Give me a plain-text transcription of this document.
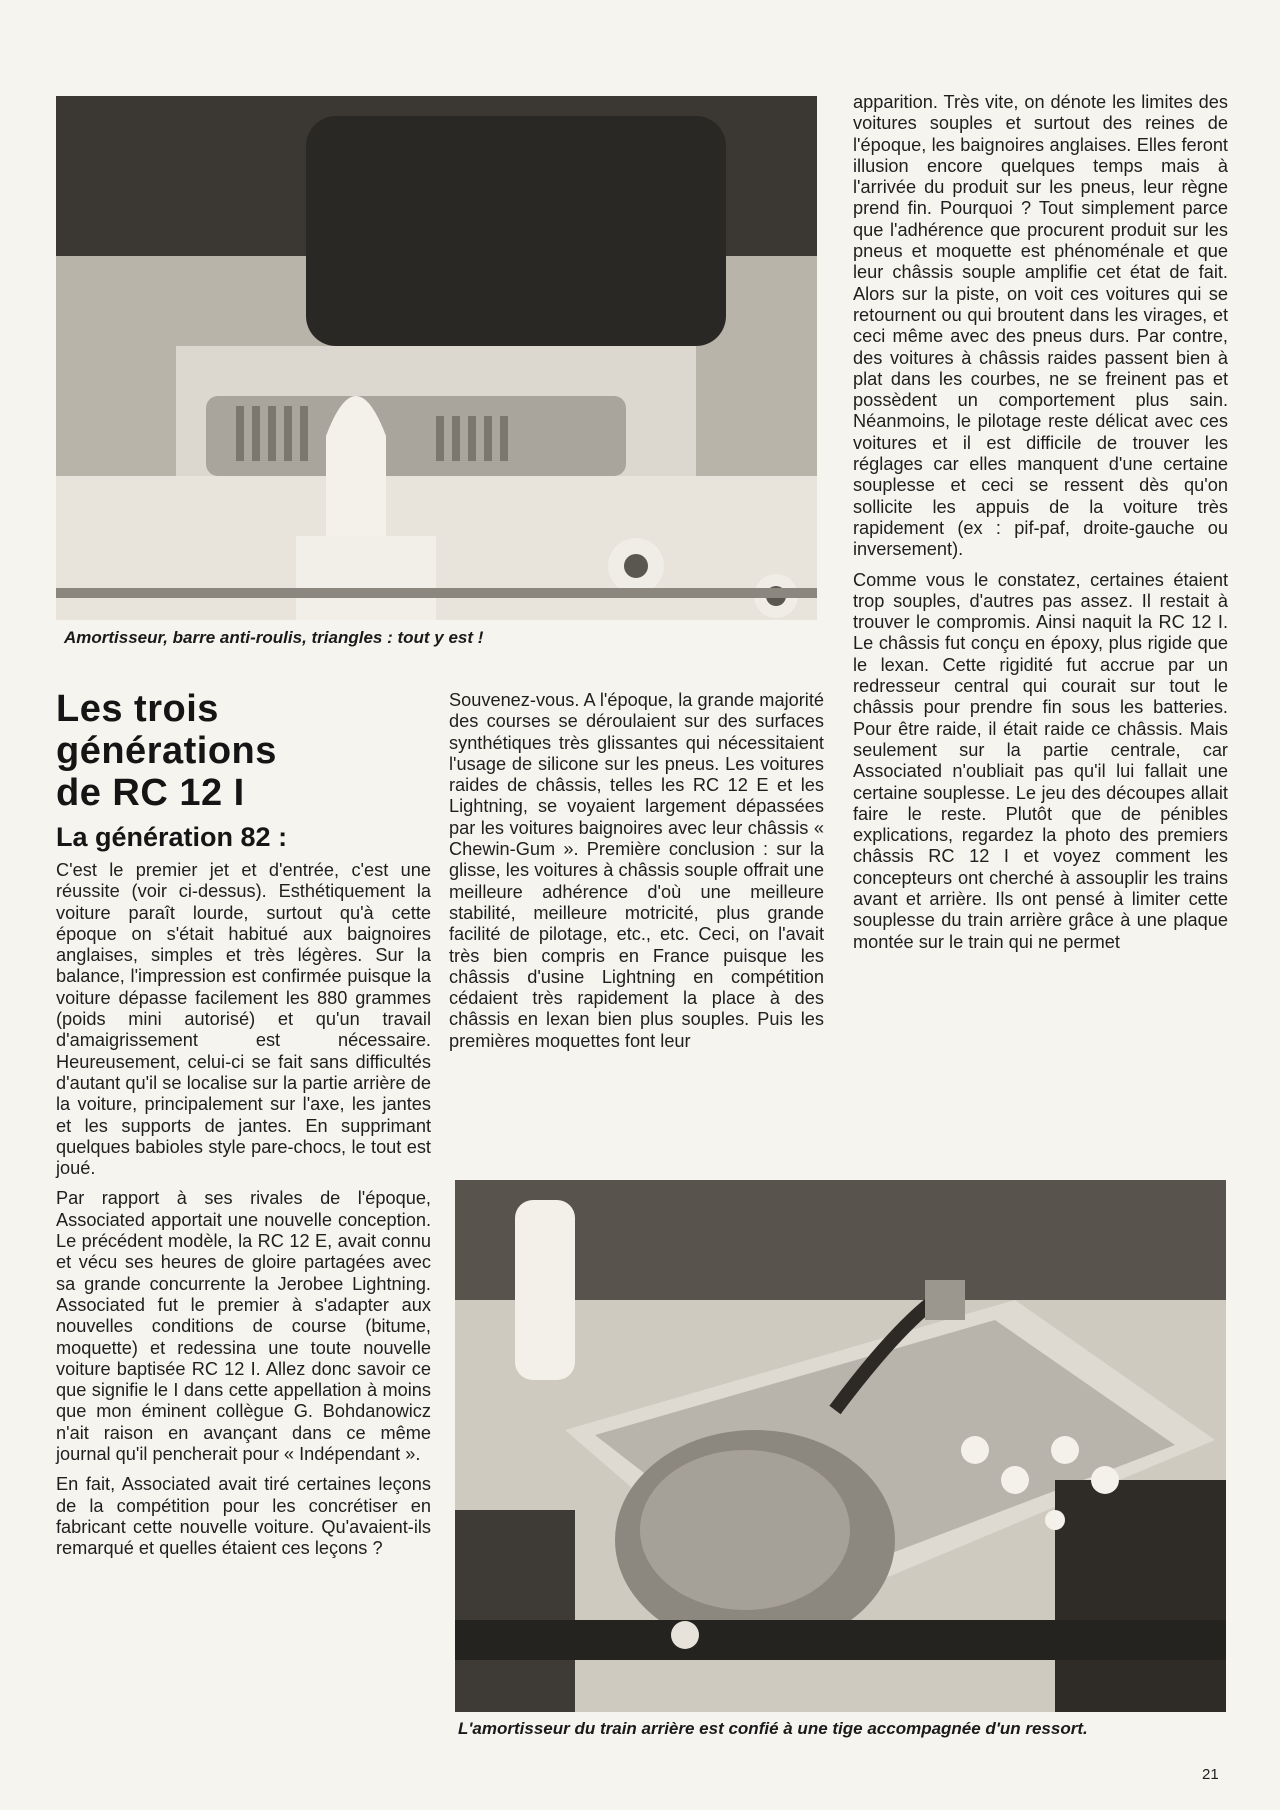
Amortisseur, barre anti-roulis, triangles : tout y est !

Les trois
générations
de RC 12 I
La génération 82 :

C'est le premier jet et d'entrée, c'est une réussite (voir ci-dessus). Esthétiquement la voiture paraît lourde, surtout qu'à cette époque on s'était habitué aux baignoires anglaises, simples et très légères. Sur la balance, l'impression est confirmée puisque la voiture dépasse facilement les 880 grammes (poids mini autorisé) et qu'un travail d'amaigrissement est nécessaire. Heureusement, celui-ci se fait sans difficultés d'autant qu'il se localise sur la partie arrière de la voiture, principalement sur l'axe, les jantes et les supports de jantes. En supprimant quelques babioles style pare-chocs, le tout est joué.

Par rapport à ses rivales de l'époque, Associated apportait une nouvelle conception. Le précédent modèle, la RC 12 E, avait connu et vécu ses heures de gloire partagées avec sa grande concurrente la Jerobee Lightning. Associated fut le premier à s'adapter aux nouvelles conditions de course (bitume, moquette) et redessina une toute nouvelle voiture baptisée RC 12 I. Allez donc savoir ce que signifie le I dans cette appellation à moins que mon éminent collègue G. Bohdanowicz n'ait raison en avançant dans ce même journal qu'il pencherait pour « Indépendant ».

En fait, Associated avait tiré certaines leçons de la compétition pour les concrétiser en fabricant cette nouvelle voiture. Qu'avaient-ils remarqué et quelles étaient ces leçons ?

Souvenez-vous. A l'époque, la grande majorité des courses se déroulaient sur des surfaces synthétiques très glissantes qui nécessitaient l'usage de silicone sur les pneus. Les voitures raides de châssis, telles les RC 12 E et les Lightning, se voyaient largement dépassées par les voitures baignoires avec leur châssis « Chewin-Gum ». Première conclusion : sur la glisse, les voitures à châssis souple offrait une meilleure adhérence d'où une meilleure stabilité, meilleure motricité, plus grande facilité de pilotage, etc., etc. Ceci, on l'avait très bien compris en France puisque les châssis d'usine Lightning en compétition cédaient très rapidement la place à des châssis en lexan bien plus souples. Puis les premières moquettes font leur

apparition. Très vite, on dénote les limites des voitures souples et surtout des reines de l'époque, les baignoires anglaises. Elles feront illusion encore quelques temps mais à l'arrivée du produit sur les pneus, leur règne prend fin. Pourquoi ? Tout simplement parce que l'adhérence que procurent produit sur les pneus et moquette est phénoménale et que leur châssis souple amplifie cet état de fait. Alors sur la piste, on voit ces voitures qui se retournent ou qui broutent dans les virages, et ceci même avec des pneus durs. Par contre, des voitures à châssis raides passent bien à plat dans les courbes, ne se freinent pas et possèdent un comportement plus sain. Néanmoins, le pilotage reste délicat avec ces voitures et il est difficile de trouver les réglages car elles manquent d'une certaine souplesse et ceci se ressent dès qu'on sollicite les appuis de la voiture très rapidement (ex : pif-paf, droite-gauche ou inversement).

Comme vous le constatez, certaines étaient trop souples, d'autres pas assez. Il restait à trouver le compromis. Ainsi naquit la RC 12 I. Le châssis fut conçu en époxy, plus rigide que le lexan. Cette rigidité fut accrue par un redresseur central qui courait sur tout le châssis pour prendre fin sous les batteries. Pour être raide, il était raide ce châssis. Mais seulement sur la partie centrale, car Associated n'oubliait pas qu'il lui fallait une certaine souplesse. Le jeu des découpes allait faire le reste. Plutôt que de pénibles explications, regardez la photo des premiers châssis RC 12 I et voyez comment les concepteurs ont cherché à assouplir les trains avant et arrière. Ils ont pensé à limiter cette souplesse du train arrière grâce à une plaque montée sur le train qui ne permet

L'amortisseur du train arrière est confié à une tige accompagnée d'un ressort.

21
